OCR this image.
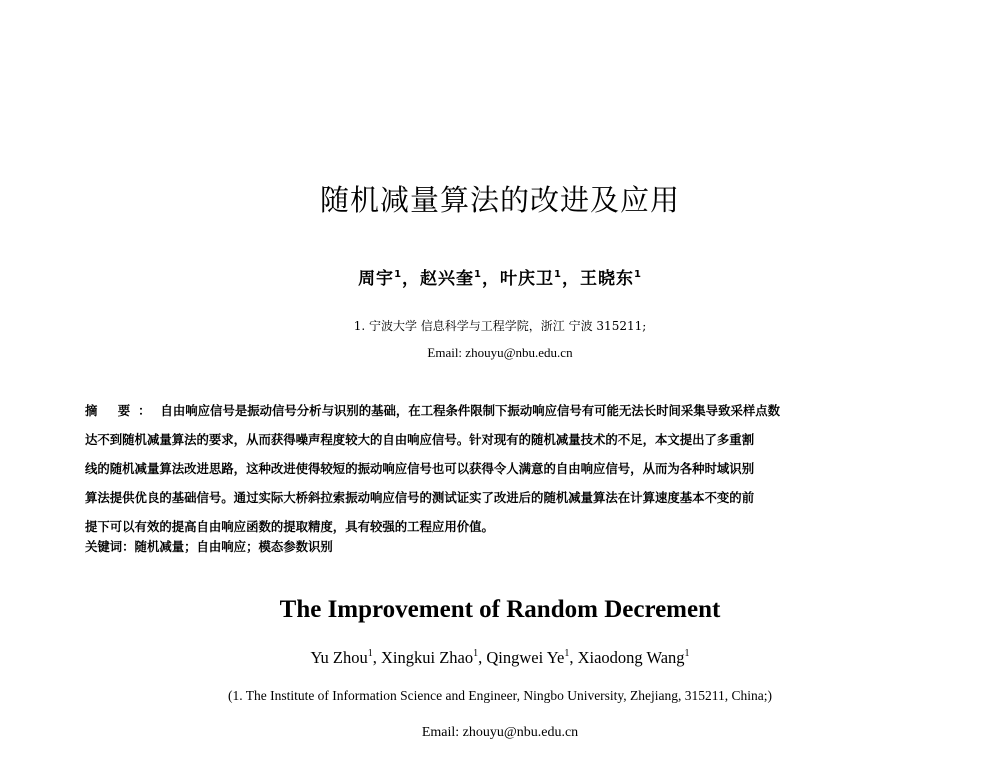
随机减量算法的改进及应用
周宇$^1$，赵兴奎$^1$，叶庆卫$^1$，王晓东$^1$
1. 宁波大学 信息科学与工程学院，浙江 宁波 315211;
Email: zhouyu@nbu.edu.cn
摘 要： 自由响应信号是振动信号分析与识别的基础，在工程条件限制下振动响应信号有可能无法长时间采集导致采样点数
达不到随机减量算法的要求，从而获得噪声程度较大的自由响应信号。针对现有的随机减量技术的不足，本文提出了多重割
线的随机减量算法改进思路，这种改进使得较短的振动响应信号也可以获得令人满意的自由响应信号，从而为各种时域识别
算法提供优良的基础信号。通过实际大桥斜拉索振动响应信号的测试证实了改进后的随机减量算法在计算速度基本不变的前
提下可以有效的提高自由响应函数的提取精度，具有较强的工程应用价值。
关键词：随机减量；自由响应；模态参数识别
The Improvement of Random Decrement
Yu Zhou$^1$, Xingkui Zhao$^1$, Qingwei Ye$^1$, Xiaodong Wang$^1$
(1. The Institute of Information Science and Engineer, Ningbo University, Zhejiang, 315211, China;)
Email: zhouyu@nbu.edu.cn
